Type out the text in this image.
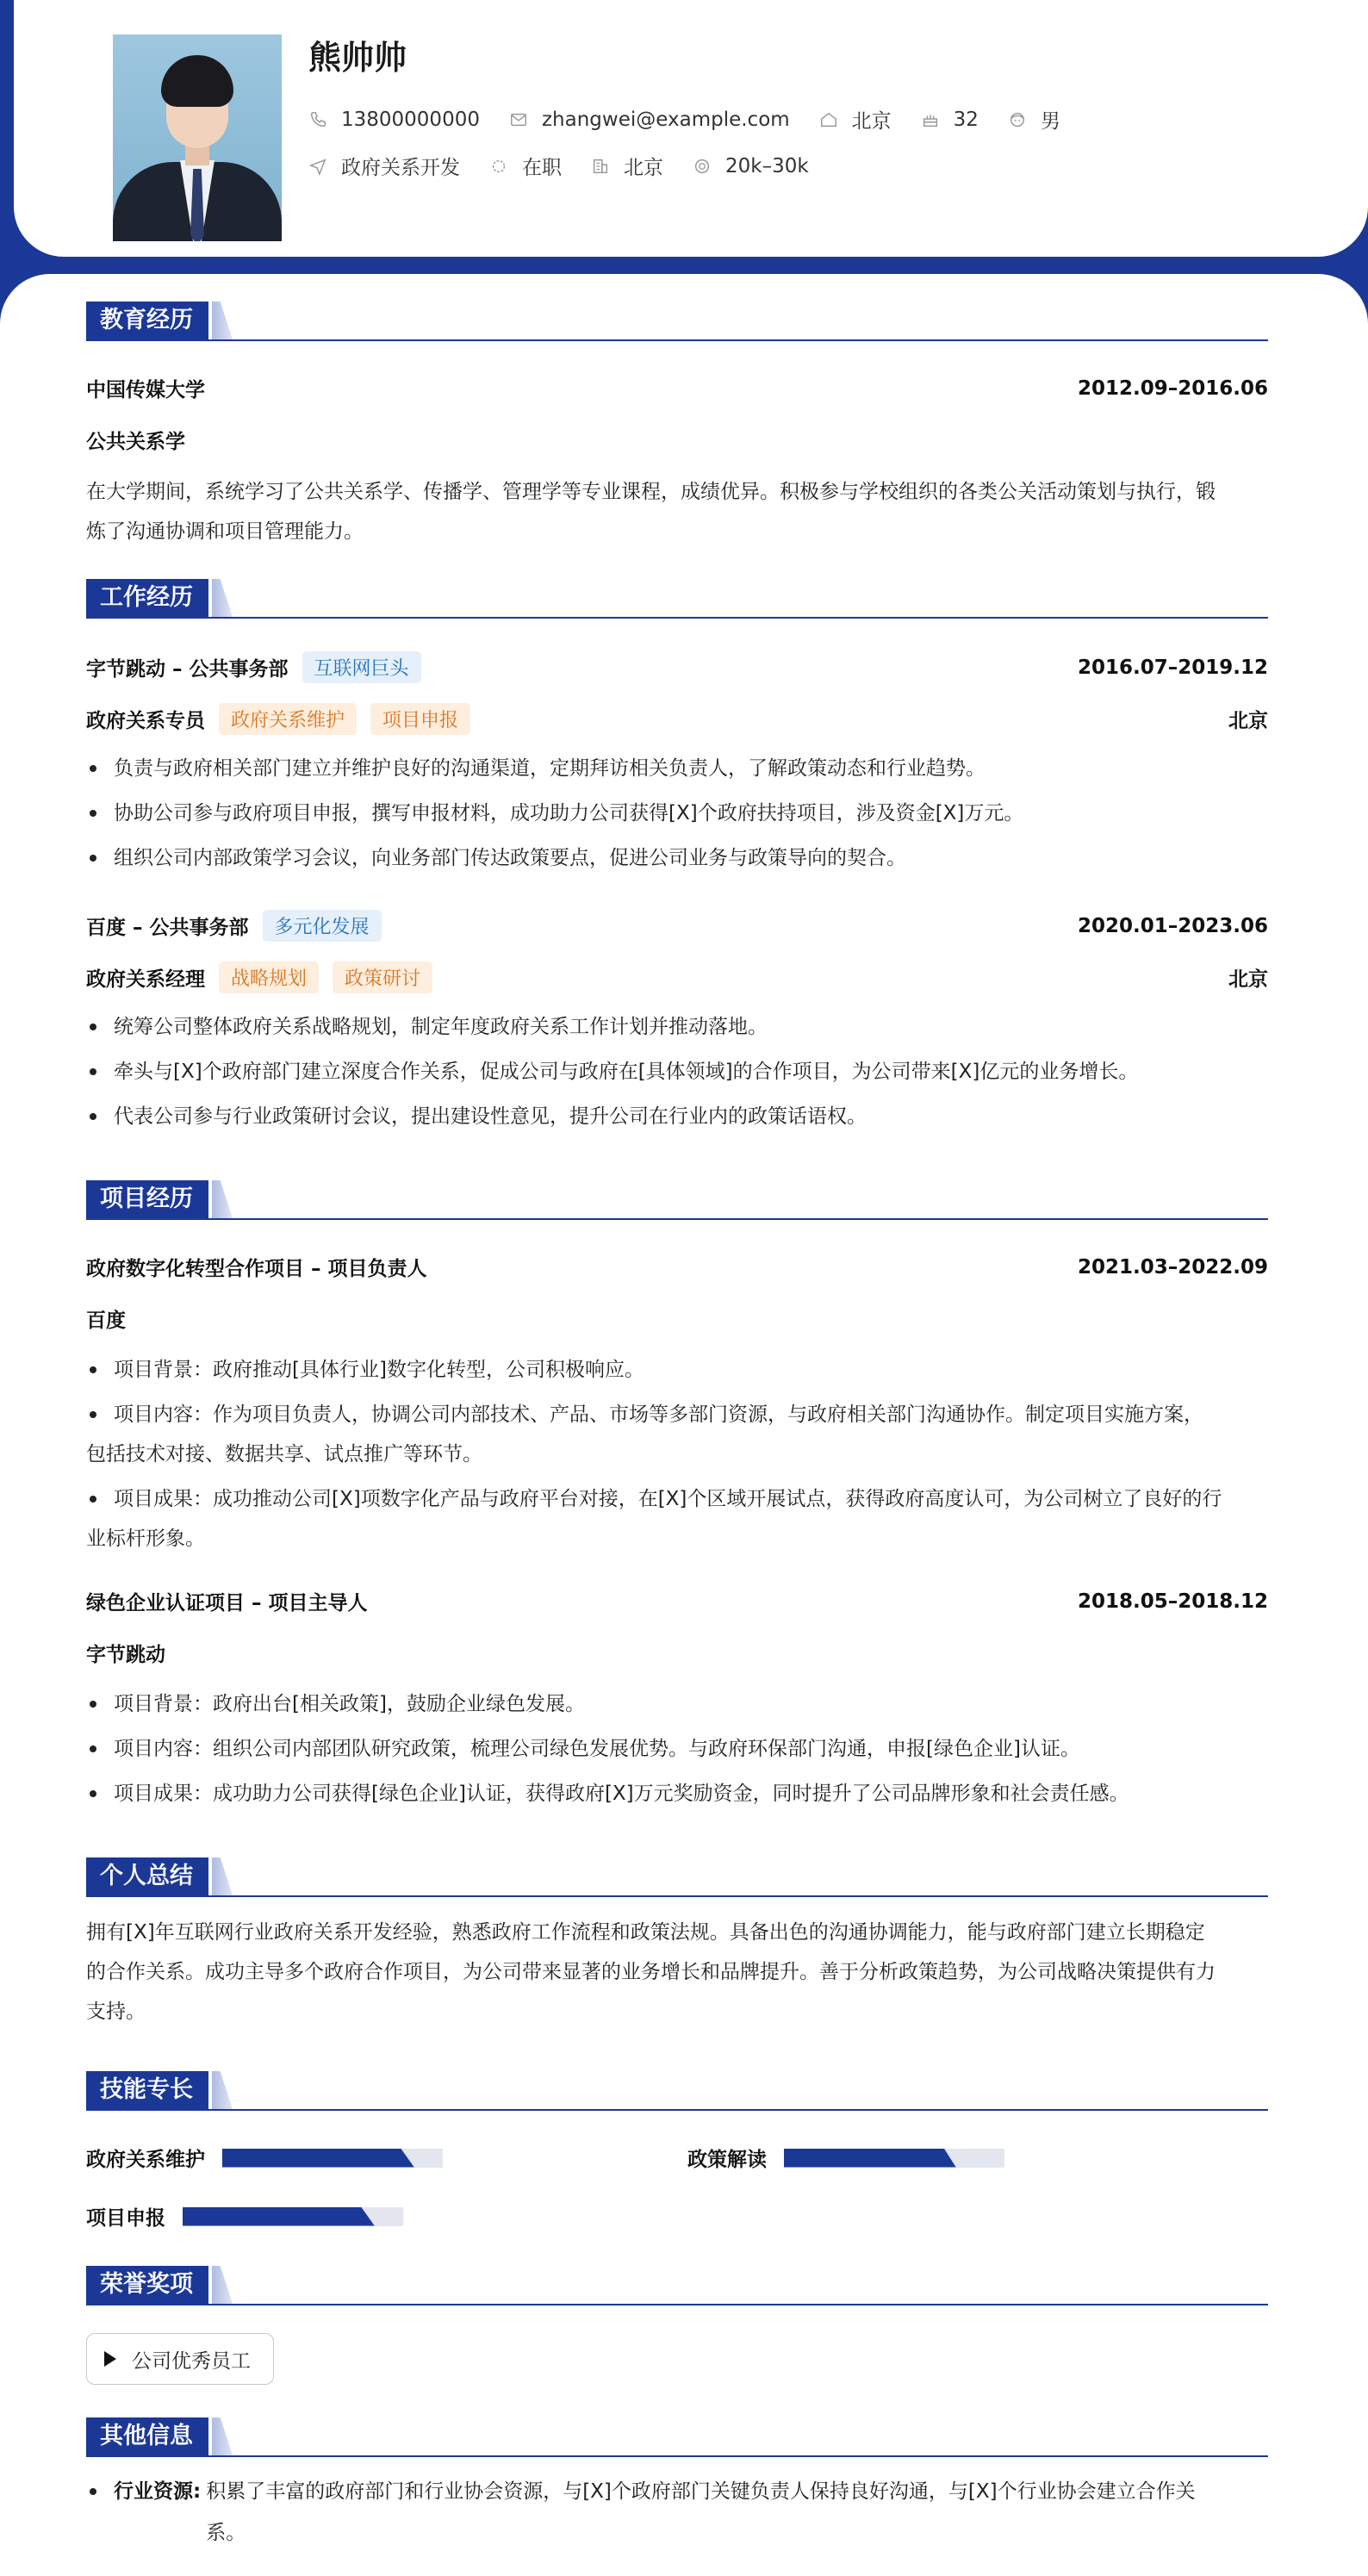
熊帅帅
13800000000	zhangwei@example.com	北京	32	男
政府关系开发	在职	北京	20k–30k
教育经历
中国传媒大学	2012.09–2016.06
公共关系学
在大学期间，系统学习了公共关系学、传播学、管理学等专业课程，成绩优异。积极参与学校组织的各类公关活动策划与执行，锻
炼了沟通协调和项目管理能力。
工作经历
字节跳动 – 公共事务部	互联网巨头	2016.07–2019.12
政府关系专员	政府关系维护	项目申报	北京
负责与政府相关部门建立并维护良好的沟通渠道，定期拜访相关负责人，了解政策动态和行业趋势。
协助公司参与政府项目申报，撰写申报材料，成功助力公司获得[X]个政府扶持项目，涉及资金[X]万元。
组织公司内部政策学习会议，向业务部门传达政策要点，促进公司业务与政策导向的契合。
百度 – 公共事务部	多元化发展	2020.01–2023.06
政府关系经理	战略规划	政策研讨	北京
统筹公司整体政府关系战略规划，制定年度政府关系工作计划并推动落地。
牵头与[X]个政府部门建立深度合作关系，促成公司与政府在[具体领域]的合作项目，为公司带来[X]亿元的业务增长。
代表公司参与行业政策研讨会议，提出建设性意见，提升公司在行业内的政策话语权。
项目经历
政府数字化转型合作项目 – 项目负责人	2021.03–2022.09
百度
项目背景：政府推动[具体行业]数字化转型，公司积极响应。
项目内容：作为项目负责人，协调公司内部技术、产品、市场等多部门资源，与政府相关部门沟通协作。制定项目实施方案，
包括技术对接、数据共享、试点推广等环节。
项目成果：成功推动公司[X]项数字化产品与政府平台对接，在[X]个区域开展试点，获得政府高度认可，为公司树立了良好的行
业标杆形象。
绿色企业认证项目 – 项目主导人	2018.05–2018.12
字节跳动
项目背景：政府出台[相关政策]，鼓励企业绿色发展。
项目内容：组织公司内部团队研究政策，梳理公司绿色发展优势。与政府环保部门沟通，申报[绿色企业]认证。
项目成果：成功助力公司获得[绿色企业]认证，获得政府[X]万元奖励资金，同时提升了公司品牌形象和社会责任感。
个人总结
拥有[X]年互联网行业政府关系开发经验，熟悉政府工作流程和政策法规。具备出色的沟通协调能力，能与政府部门建立长期稳定
的合作关系。成功主导多个政府合作项目，为公司带来显著的业务增长和品牌提升。善于分析政策趋势，为公司战略决策提供有力
支持。
技能专长
政府关系维护	政策解读
项目申报
荣誉奖项
公司优秀员工
其他信息
行业资源: 积累了丰富的政府部门和行业协会资源，与[X]个政府部门关键负责人保持良好沟通，与[X]个行业协会建立合作关
系。
